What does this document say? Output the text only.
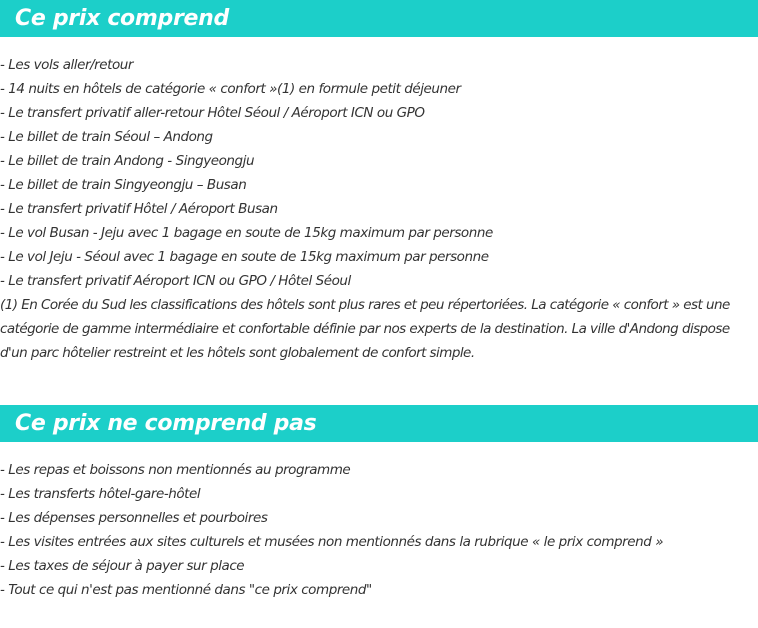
Ce prix comprend
- Les vols aller/retour
- 14 nuits en hôtels de catégorie « confort »(1) en formule petit déjeuner
- Le transfert privatif aller-retour Hôtel Séoul / Aéroport ICN ou GPO
- Le billet de train Séoul – Andong
- Le billet de train Andong - Singyeongju
- Le billet de train Singyeongju – Busan
- Le transfert privatif Hôtel / Aéroport Busan
- Le vol Busan - Jeju avec 1 bagage en soute de 15kg maximum par personne
- Le vol Jeju - Séoul avec 1 bagage en soute de 15kg maximum par personne
- Le transfert privatif Aéroport ICN ou GPO / Hôtel Séoul
(1) En Corée du Sud les classifications des hôtels sont plus rares et peu répertoriées. La catégorie « confort » est une catégorie de gamme intermédiaire et confortable définie par nos experts de la destination. La ville d'Andong dispose d'un parc hôtelier restreint et les hôtels sont globalement de confort simple.
Ce prix ne comprend pas
- Les repas et boissons non mentionnés au programme
- Les transferts hôtel-gare-hôtel
- Les dépenses personnelles et pourboires
- Les visites entrées aux sites culturels et musées non mentionnés dans la rubrique « le prix comprend »
- Les taxes de séjour à payer sur place
- Tout ce qui n'est pas mentionné dans "ce prix comprend"
